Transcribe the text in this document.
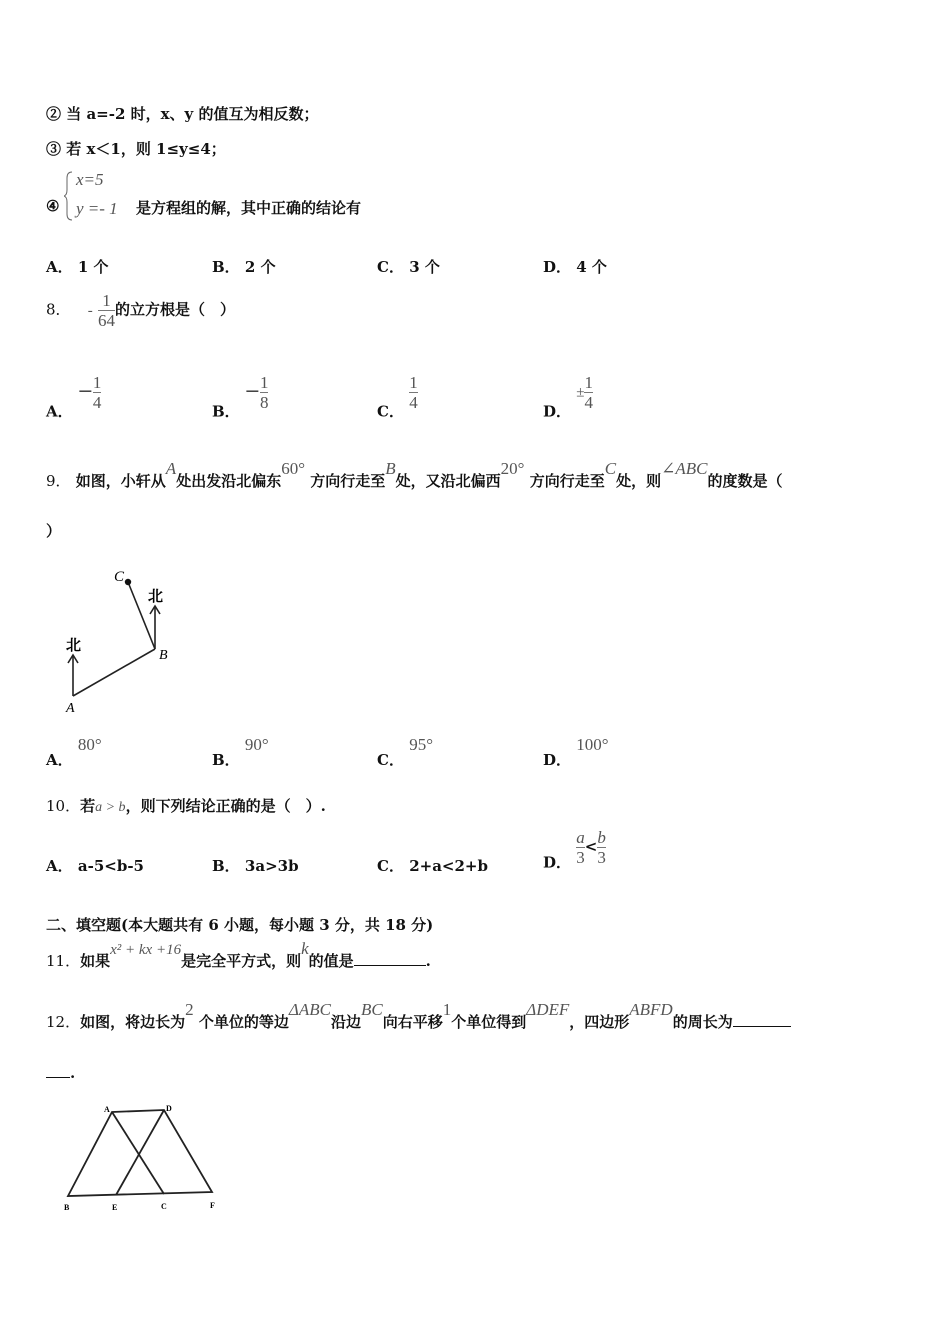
② 当 a=-2 时，x、y 的值互为相反数；
③ 若 x＜1，则 1≤y≤4；
④
x=5
y =- 1 是方程组的解，其中正确的结论有
A． 1 个	B． 2 个	C． 3 个	D． 4 个
8． - $\frac{1}{64}$ 的立方根是（　）
A． － $\frac{1}{4}$	B． － $\frac{1}{8}$	C． $\frac{1}{4}$	D． ± $\frac{1}{4}$
9． 如图，小轩从A处出发沿北偏东60° 方向行走至B处，又沿北偏西20° 方向行走至C处，则∠ABC的度数是（
）
北
北
C
B
A
A． 80°
B． 90°
C． 95°
D． 100°
10．若a > b，则下列结论正确的是（　）.
A． a-5<b-5	B． 3a>3b	C． 2+a<2+b	D． $\frac{a}{3} < \frac{b}{3}$
二、填空题(本大题共有 6 小题，每小题 3 分，共 18 分)
11．如果x² + kx +16是完全平方式，则k的值是	.
12．如图，将边长为2 个单位的等边ΔABC沿边BC向右平移1个单位得到ΔDEF，四边形ABFD的周长为
.
A	D
B	E	C	F
